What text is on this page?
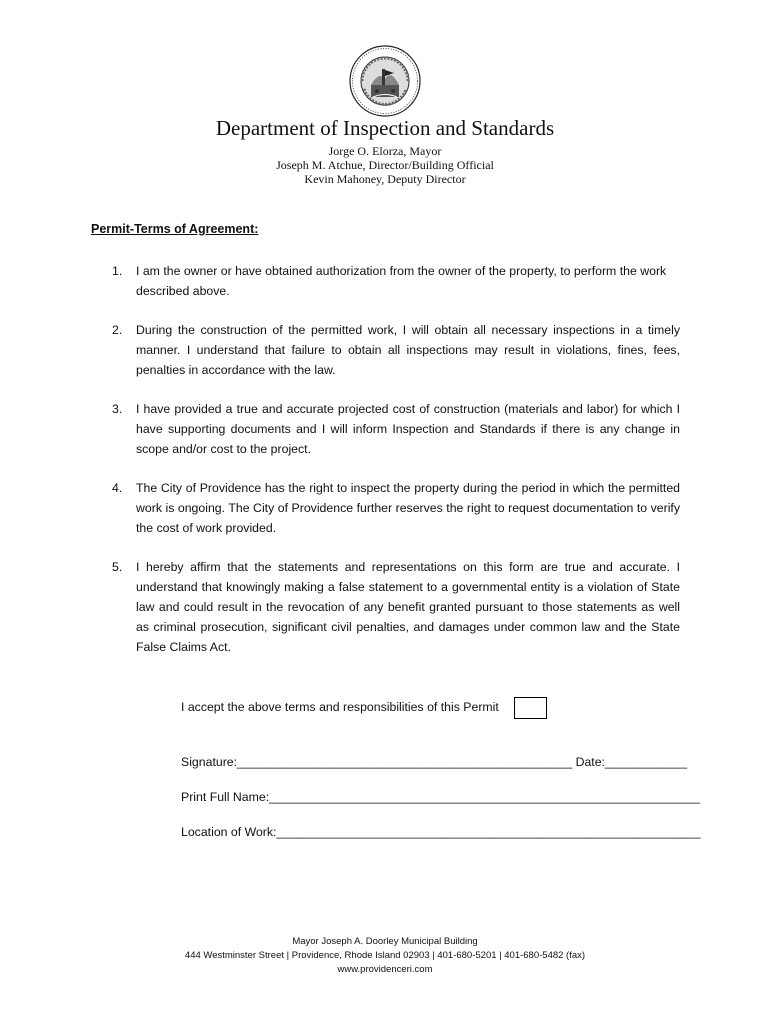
Department of Inspection and Standards
Jorge O. Elorza, Mayor
Joseph M. Atchue, Director/Building Official
Kevin Mahoney, Deputy Director
Permit-Terms of Agreement:
1.	I am the owner or have obtained authorization from the owner of the property, to perform the work described above.
2.	During the construction of the permitted work, I will obtain all necessary inspections in a timely manner. I understand that failure to obtain all inspections may result in violations, fines, fees, penalties in accordance with the law.
3.	I have provided a true and accurate projected cost of construction (materials and labor) for which I have supporting documents and I will inform Inspection and Standards if there is any change in scope and/or cost to the project.
4.	The City of Providence has the right to inspect the property during the period in which the permitted work is ongoing. The City of Providence further reserves the right to request documentation to verify the cost of work provided.
5.	I hereby affirm that the statements and representations on this form are true and accurate. I understand that knowingly making a false statement to a governmental entity is a violation of State law and could result in the revocation of any benefit granted pursuant to those statements as well as criminal prosecution, significant civil penalties, and damages under common law and the State False Claims Act.
I accept the above terms and responsibilities of this Permit
Signature:_________________________________________________ Date:____________
Print Full Name:_______________________________________________________________
Location of Work:______________________________________________________________
Mayor Joseph A. Doorley Municipal Building
444 Westminster Street | Providence, Rhode Island 02903 | 401-680-5201 | 401-680-5482 (fax)
www.providenceri.com
